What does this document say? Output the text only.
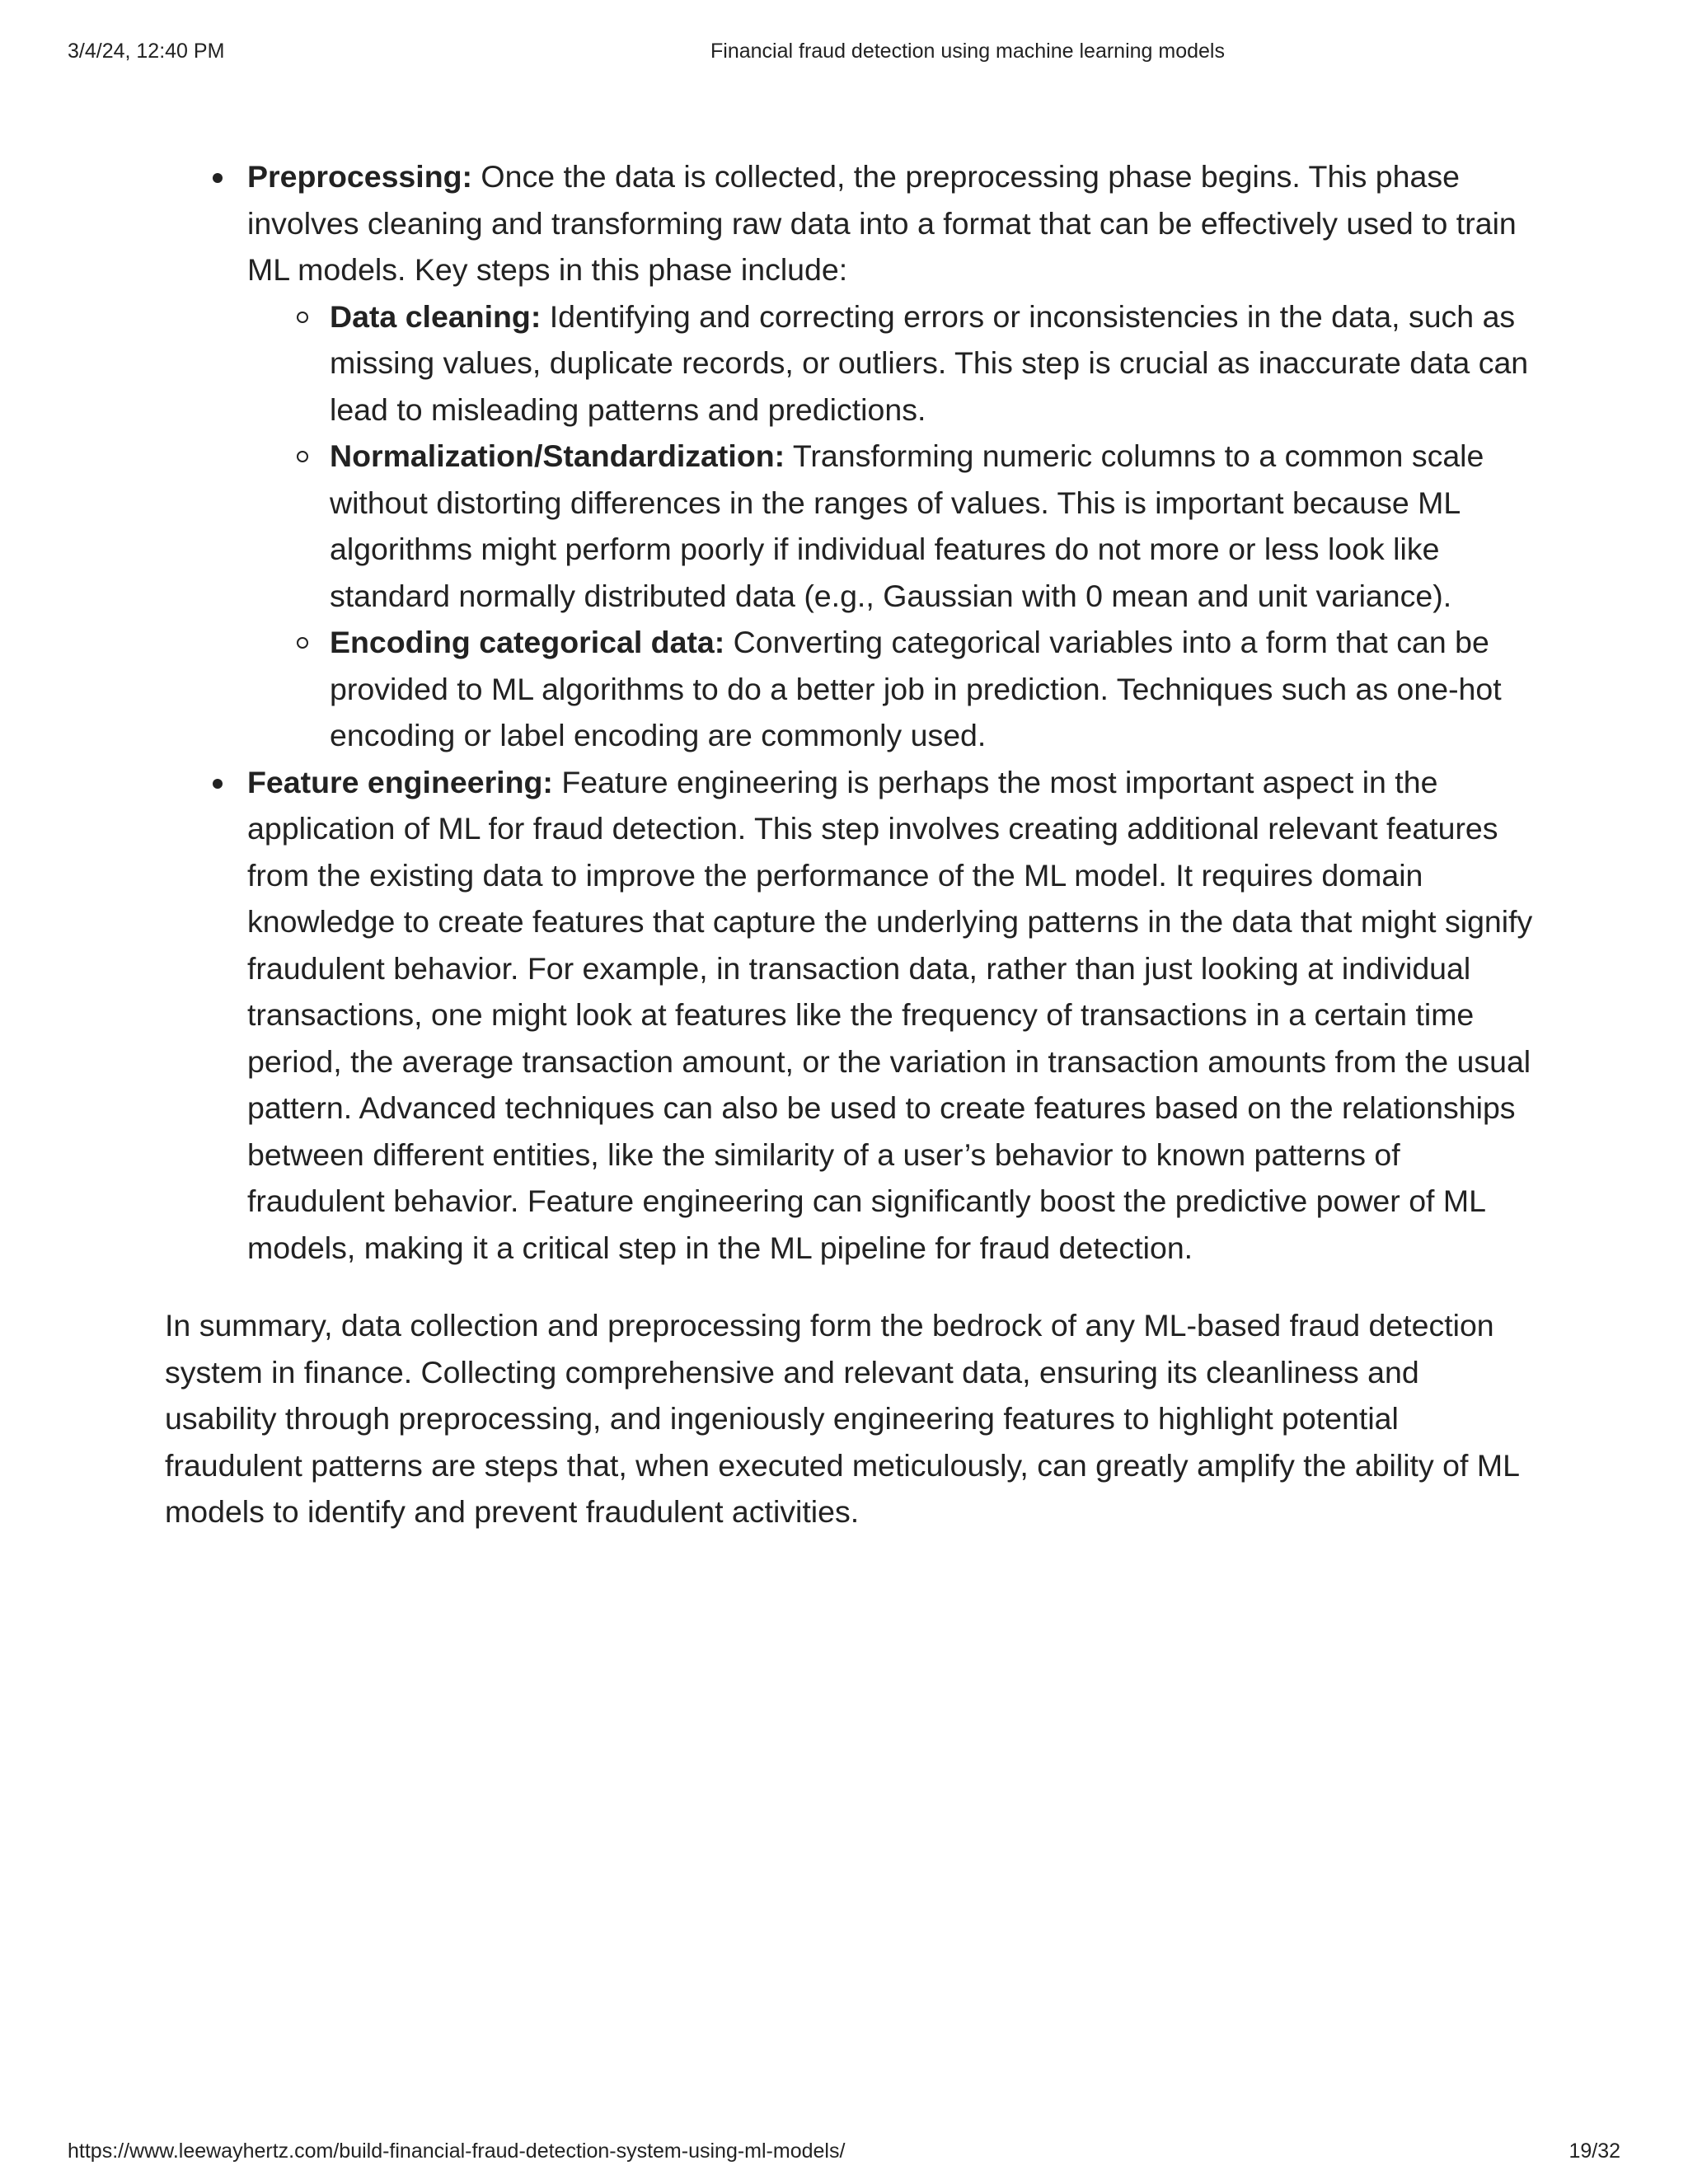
3/4/24, 12:40 PM	Financial fraud detection using machine learning models
Preprocessing: Once the data is collected, the preprocessing phase begins. This phase involves cleaning and transforming raw data into a format that can be effectively used to train ML models. Key steps in this phase include:
Data cleaning: Identifying and correcting errors or inconsistencies in the data, such as missing values, duplicate records, or outliers. This step is crucial as inaccurate data can lead to misleading patterns and predictions.
Normalization/Standardization: Transforming numeric columns to a common scale without distorting differences in the ranges of values. This is important because ML algorithms might perform poorly if individual features do not more or less look like standard normally distributed data (e.g., Gaussian with 0 mean and unit variance).
Encoding categorical data: Converting categorical variables into a form that can be provided to ML algorithms to do a better job in prediction. Techniques such as one-hot encoding or label encoding are commonly used.
Feature engineering: Feature engineering is perhaps the most important aspect in the application of ML for fraud detection. This step involves creating additional relevant features from the existing data to improve the performance of the ML model. It requires domain knowledge to create features that capture the underlying patterns in the data that might signify fraudulent behavior. For example, in transaction data, rather than just looking at individual transactions, one might look at features like the frequency of transactions in a certain time period, the average transaction amount, or the variation in transaction amounts from the usual pattern. Advanced techniques can also be used to create features based on the relationships between different entities, like the similarity of a user’s behavior to known patterns of fraudulent behavior. Feature engineering can significantly boost the predictive power of ML models, making it a critical step in the ML pipeline for fraud detection.

In summary, data collection and preprocessing form the bedrock of any ML-based fraud detection system in finance. Collecting comprehensive and relevant data, ensuring its cleanliness and usability through preprocessing, and ingeniously engineering features to highlight potential fraudulent patterns are steps that, when executed meticulously, can greatly amplify the ability of ML models to identify and prevent fraudulent activities.

https://www.leewayhertz.com/build-financial-fraud-detection-system-using-ml-models/	19/32
